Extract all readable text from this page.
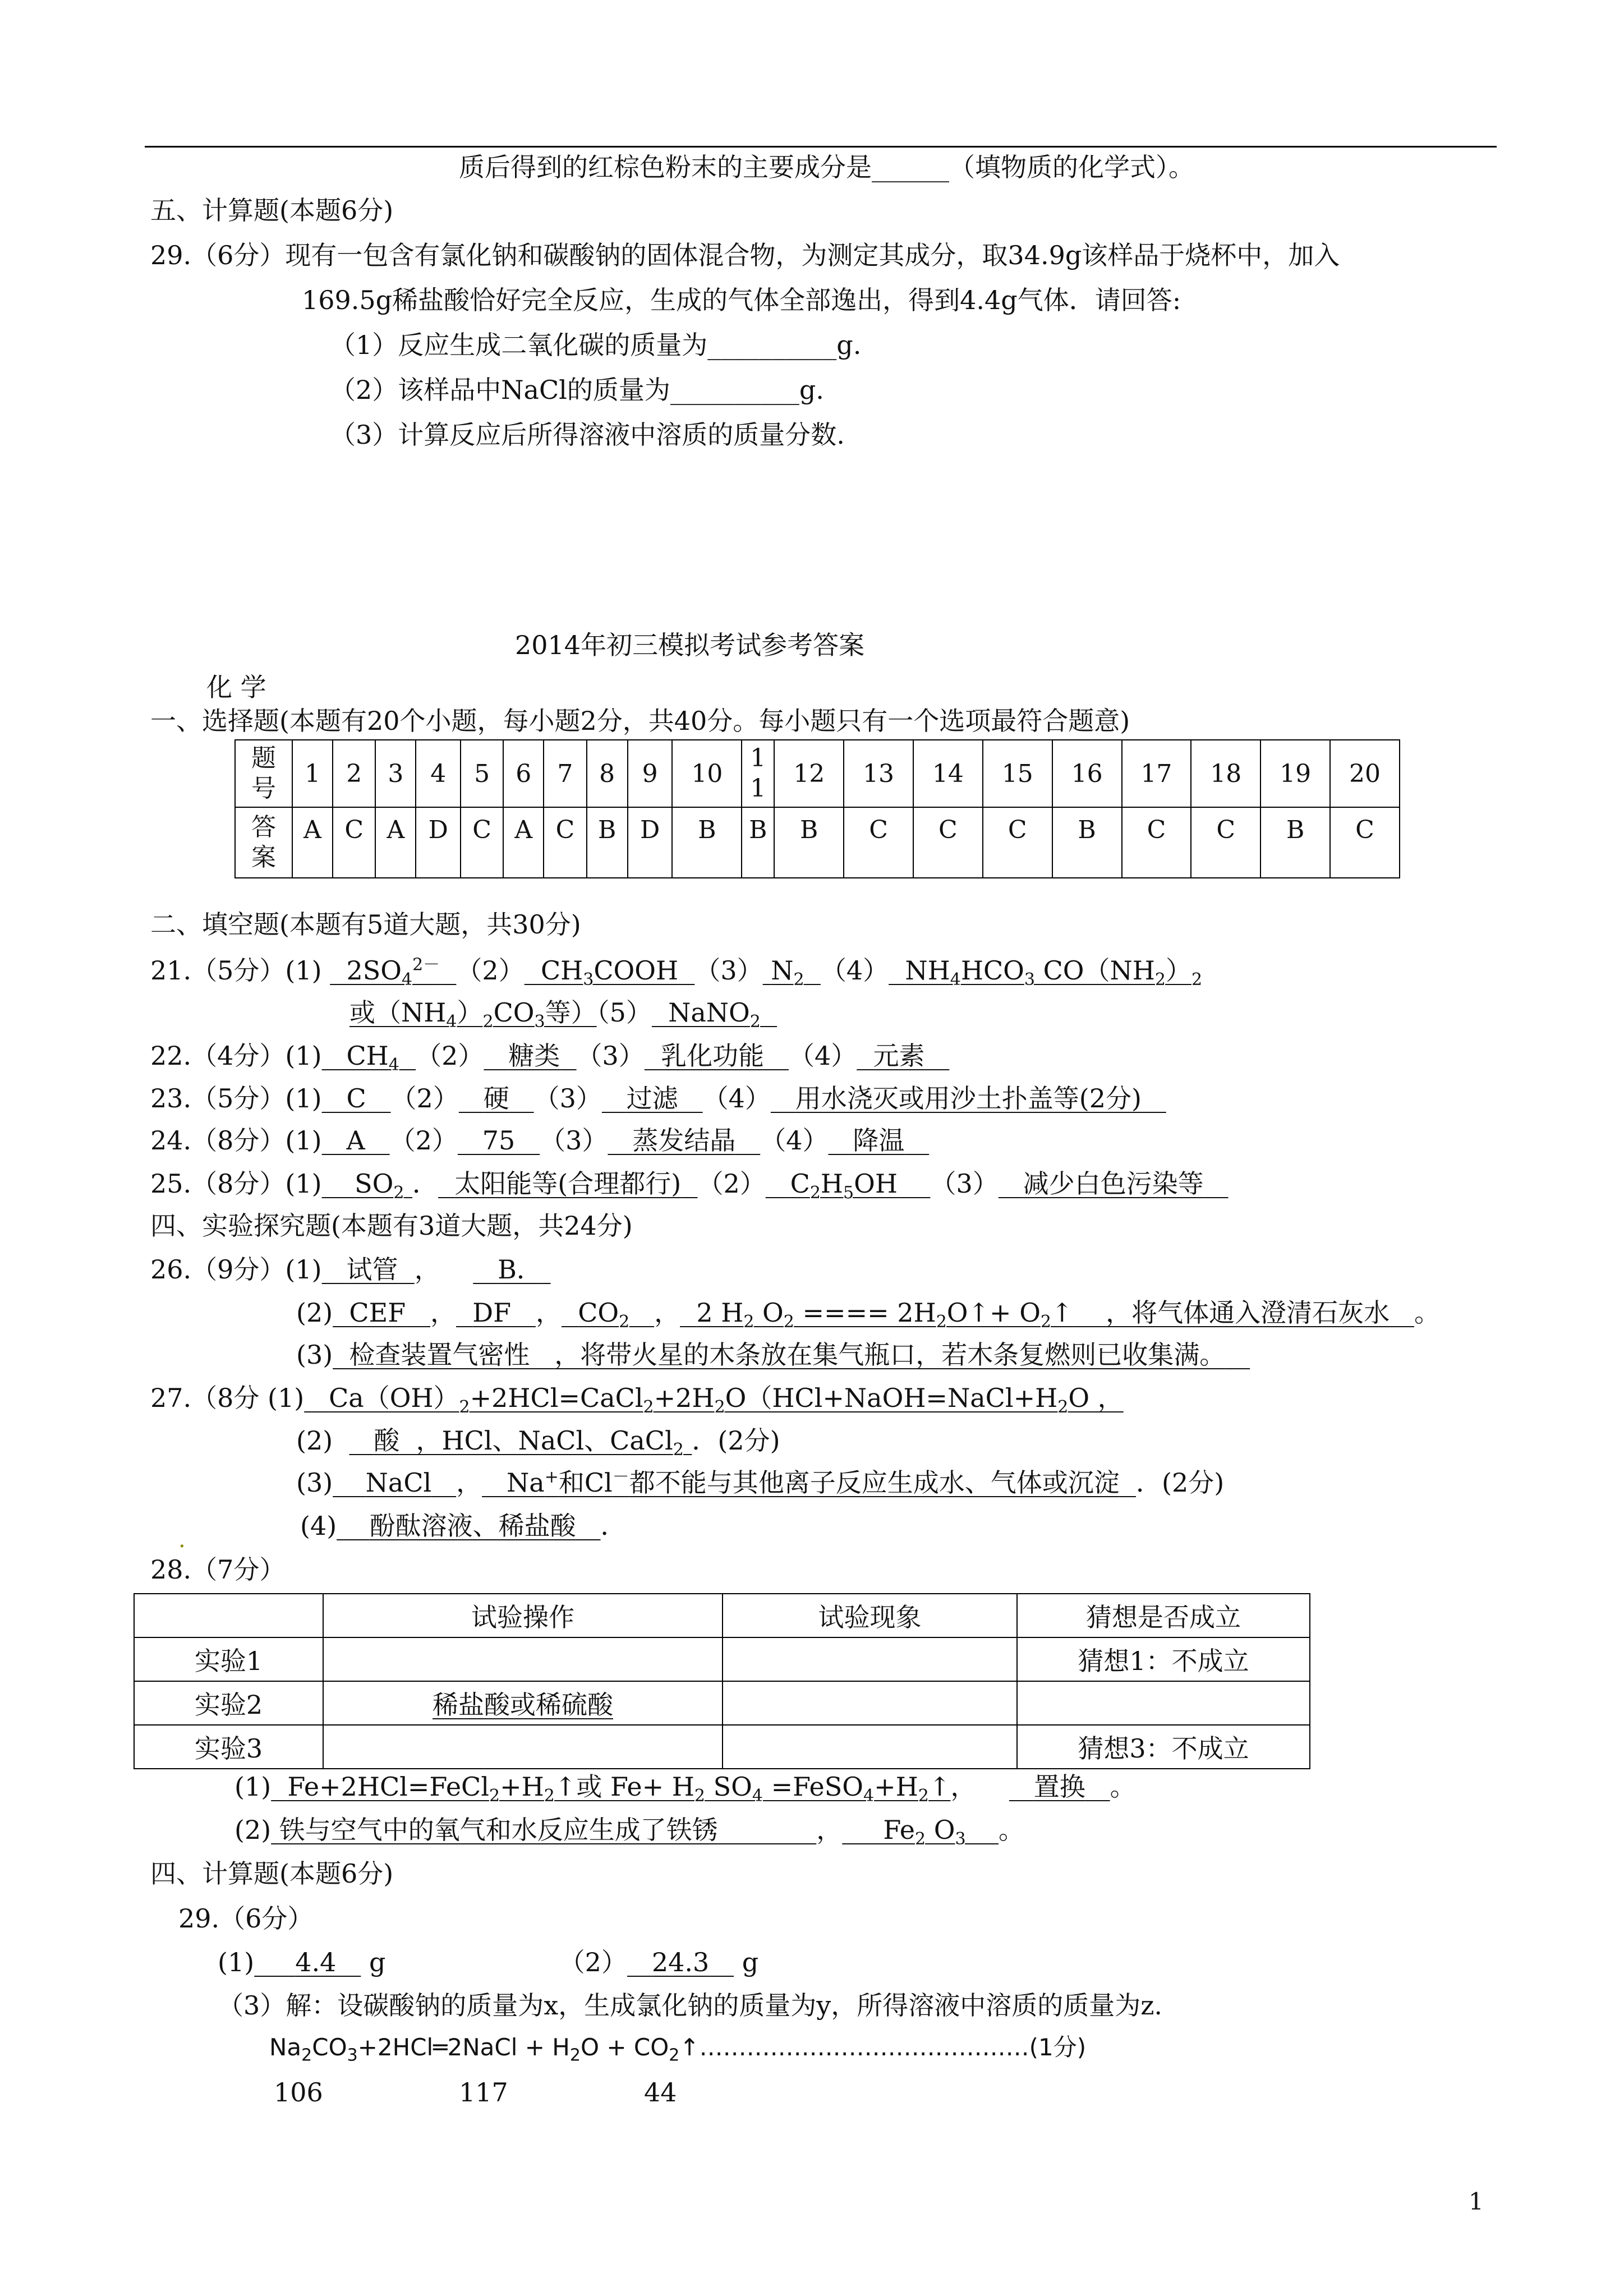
质后得到的红棕色粉末的主要成分是______（填物质的化学式）。
五、计算题(本题6分)
29.（6分）现有一包含有氯化钠和碳酸钠的固体混合物，为测定其成分，取34.9g该样品于烧杯中，加入
169.5g稀盐酸恰好完全反应，生成的气体全部逸出，得到4.4g气体．请回答:
（1）反应生成二氧化碳的质量为__________g.
（2）该样品中NaCl的质量为__________g.
（3）计算反应后所得溶液中溶质的质量分数.
2014年初三模拟考试参考答案
化 学
一、选择题(本题有20个小题，每小题2分，共40分。每小题只有一个选项最符合题意)
题
号	1	2	3	4	5	6	7	8	9	10	1 1	12	13	14	15	16	17	18	19	20
答
案	A	C	A	D	C	A	C	B	D	B	B	B	C	C	C	B	C	C	B	C
二、填空题(本题有5道大题，共30分)
21.（5分）(1) $2SO_4^{2-}$ （2） $CH_3COOH$ （3） $N_2$ （4） $NH_4HCO_3$ $CO(NH_2)_2$
或$(NH_4)_2CO_3$等）（5） NaNO$_2$
22.（4分）(1) $CH_4$ （2） 糖类 （3） 乳化功能 （4） 元素
23.（5分）(1) C （2） 硬 （3） 过滤 （4） 用水浇灭或用沙土扑盖等(2分)
24.（8分）(1) A （2） 75 （3） 蒸发结晶 （4） 降温
25.（8分）(1) $SO_2$ ． 太阳能等(合理都行) （2） $C_2H_5OH$ （3） 减少白色污染等
四、实验探究题(本题有3道大题，共24分)
26.（9分）(1) 试管 ， B．
(2) CEF ， DF ， $CO_2$ ， 2 $H_2$ $O_2$ ==== $2H_2O↑+$ $O_2↑$ ，将气体通入澄清石灰水 。
(3) 检查装置气密性 ，将带火星的木条放在集气瓶口，若木条复燃则已收集满。
27.（8分 (1) $Ca(OH)_2+2HCl=CaCl_2+2H_2O(HCl+NaOH=NaCl+H_2O$ ，
(2) 酸 ，HCl、NaCl、CaCl$_2$ ．(2分)
(3) NaCl ， Na+和Cl－都不能与其他离子反应生成水、气体或沉淀 ．(2分)
.	(4) 酚酞溶液、稀盐酸 ．
28.（7分）
	试验操作	试验现象	猜想是否成立
实验1			猜想1：不成立
实验2	稀盐酸或稀硫酸		
实验3			猜想3：不成立
(1) $Fe+2HCl=FeCl_2+H_2↑$或 $Fe+ H_2$ $SO_4$ $=FeSO_4+H_2↑$， 置换 。
(2) 铁与空气中的氧气和水反应生成了铁锈	， $Fe_2$ $O_3$ 。
四、计算题(本题6分)
29.（6分）
(1) 4.4 g	（2） 24.3 g
（3）解：设碳酸钠的质量为x，生成氯化钠的质量为y，所得溶液中溶质的质量为z.
$Na_2CO_3+2HCl═2NaCl + H_2O$ + $CO_2↑\dots\dots\dots\dots\dots\dots\dots\dots\dots\dots\dots\dots\dots\dots(1$分)
106	117	44
1
